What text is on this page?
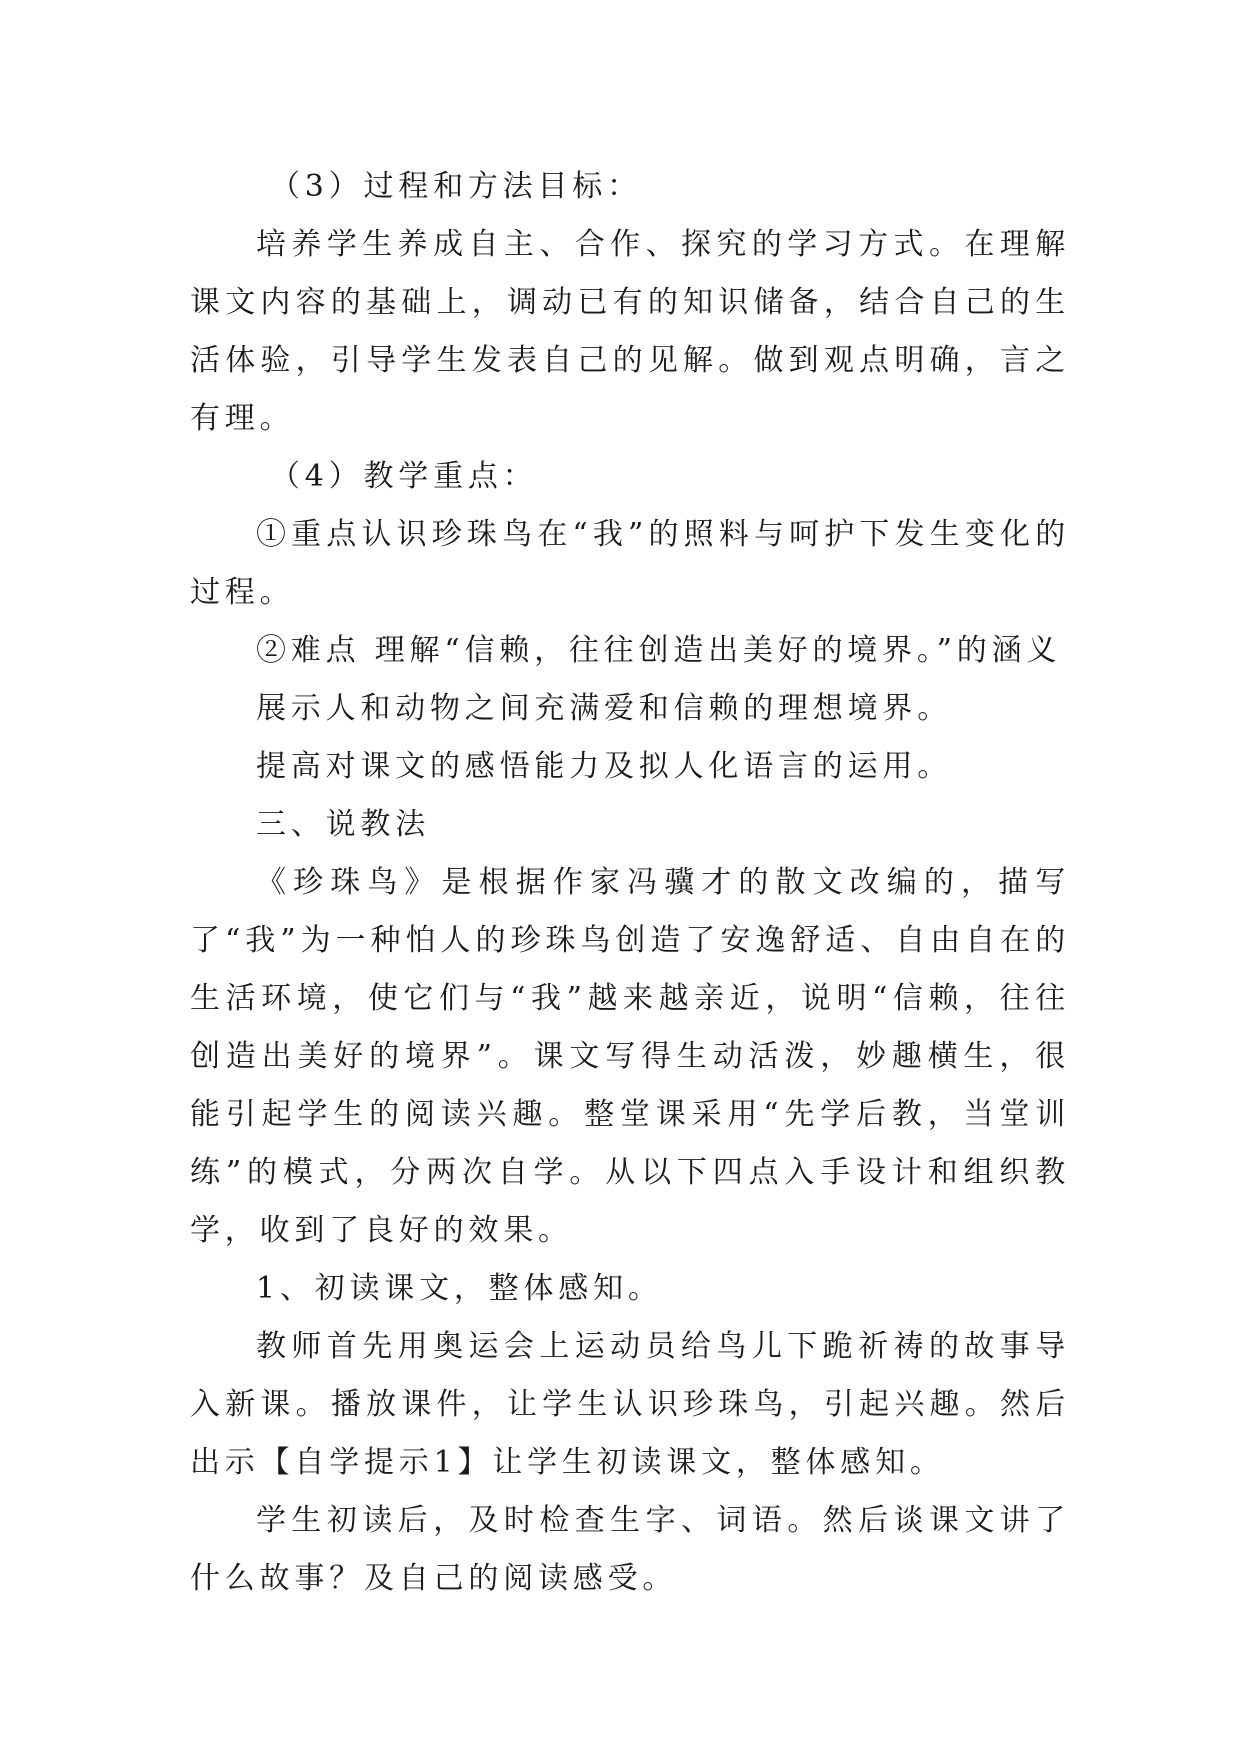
（3）过程和方法目标：

培养学生养成自主、合作、探究的学习方式。在理解课文内容的基础上，调动已有的知识储备，结合自己的生活体验，引导学生发表自己的见解。做到观点明确，言之有理。

（4）教学重点：

①重点认识珍珠鸟在“我”的照料与呵护下发生变化的过程。

②难点 理解“信赖，往往创造出美好的境界。”的涵义

展示人和动物之间充满爱和信赖的理想境界。

提高对课文的感悟能力及拟人化语言的运用。

三、说教法

《珍珠鸟》是根据作家冯骥才的散文改编的，描写了“我”为一种怕人的珍珠鸟创造了安逸舒适、自由自在的生活环境，使它们与“我”越来越亲近，说明“信赖，往往创造出美好的境界”。课文写得生动活泼，妙趣横生，很能引起学生的阅读兴趣。整堂课采用“先学后教，当堂训练”的模式，分两次自学。从以下四点入手设计和组织教学，收到了良好的效果。

1、初读课文，整体感知。

教师首先用奥运会上运动员给鸟儿下跪祈祷的故事导入新课。播放课件，让学生认识珍珠鸟，引起兴趣。然后出示【自学提示1】让学生初读课文，整体感知。

学生初读后，及时检查生字、词语。然后谈课文讲了什么故事？及自己的阅读感受。
